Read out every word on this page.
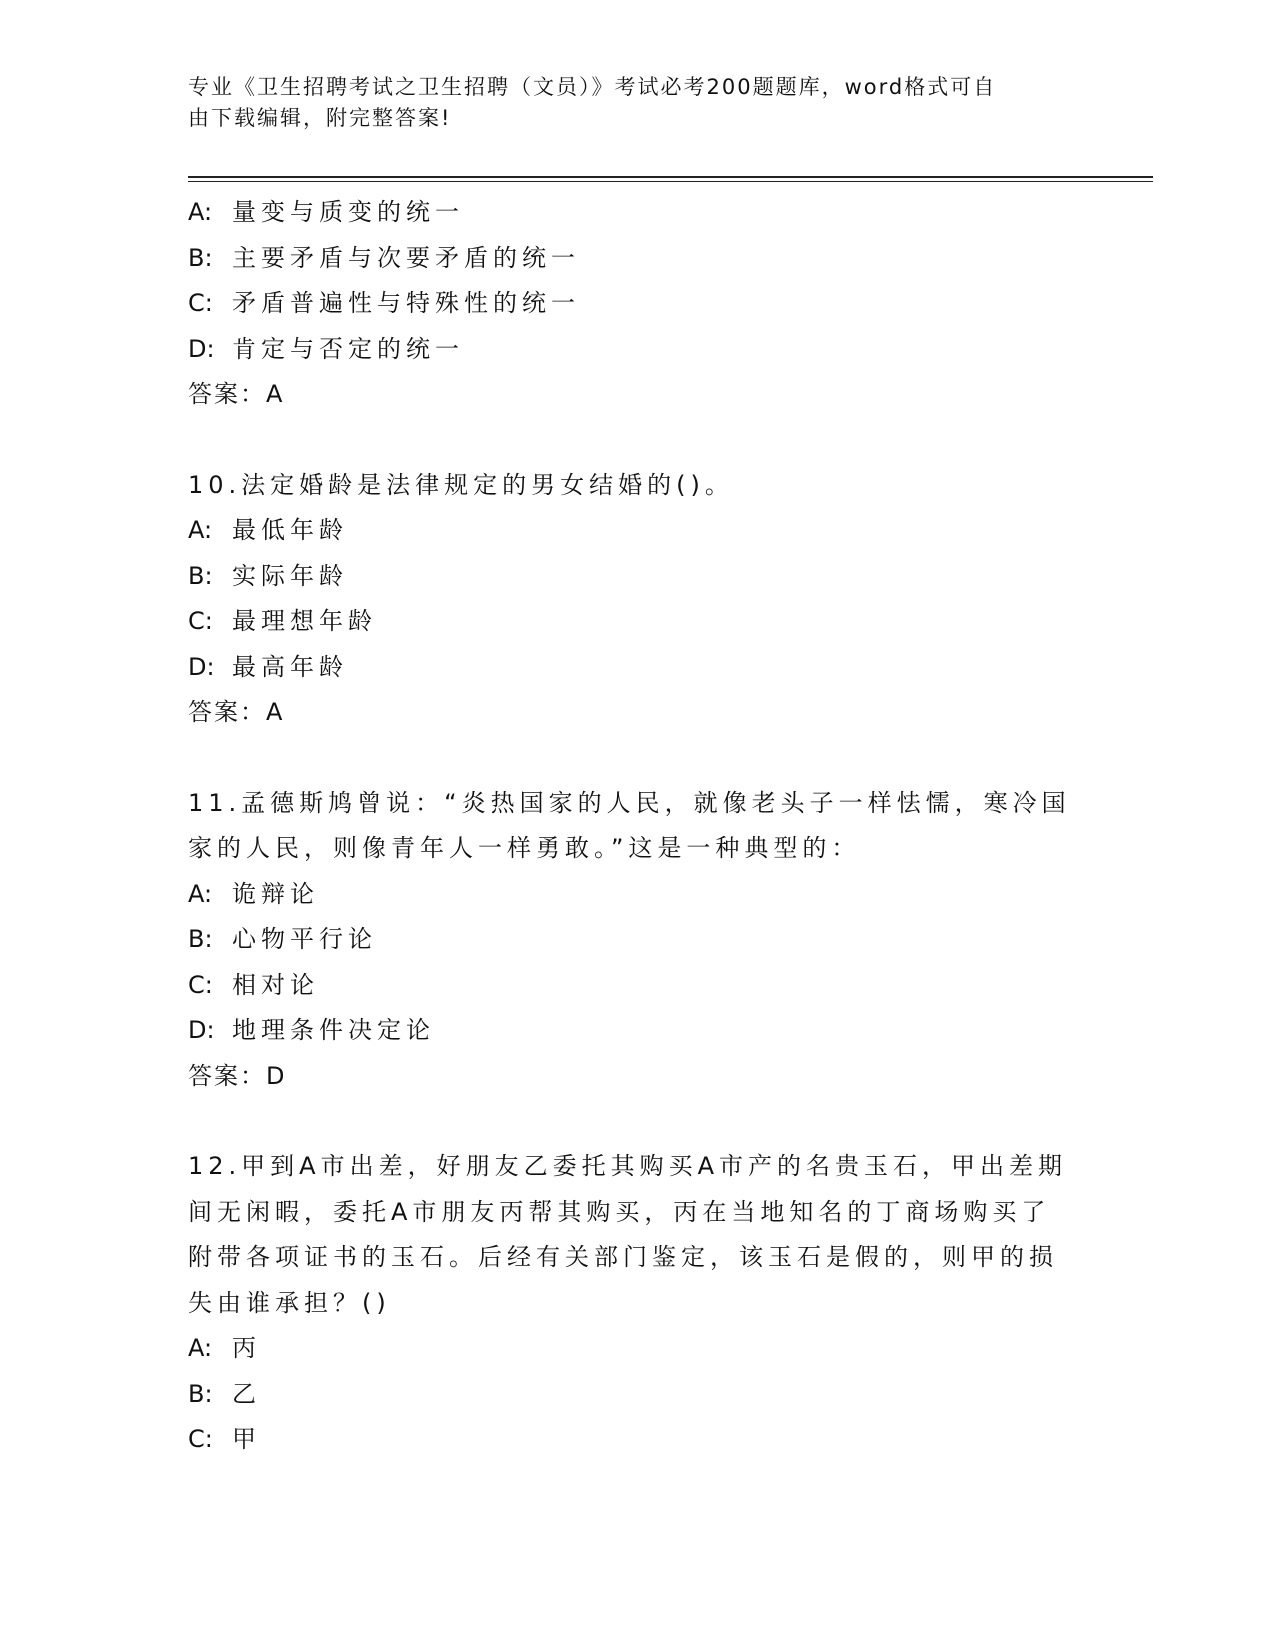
专业《卫生招聘考试之卫生招聘（文员）》考试必考200题题库，word格式可自
由下载编辑，附完整答案!
A: 量变与质变的统一
B: 主要矛盾与次要矛盾的统一
C: 矛盾普遍性与特殊性的统一
D: 肯定与否定的统一
答案：A
10.法定婚龄是法律规定的男女结婚的()。
A: 最低年龄
B: 实际年龄
C: 最理想年龄
D: 最高年龄
答案：A
11.孟德斯鸠曾说：“炎热国家的人民，就像老头子一样怯懦，寒冷国家的人民，则像青年人一样勇敢。”这是一种典型的：
A: 诡辩论
B: 心物平行论
C: 相对论
D: 地理条件决定论
答案：D
12.甲到A市出差，好朋友乙委托其购买A市产的名贵玉石，甲出差期间无闲暇，委托A市朋友丙帮其购买，丙在当地知名的丁商场购买了附带各项证书的玉石。后经有关部门鉴定，该玉石是假的，则甲的损失由谁承担？()
A: 丙
B: 乙
C: 甲
